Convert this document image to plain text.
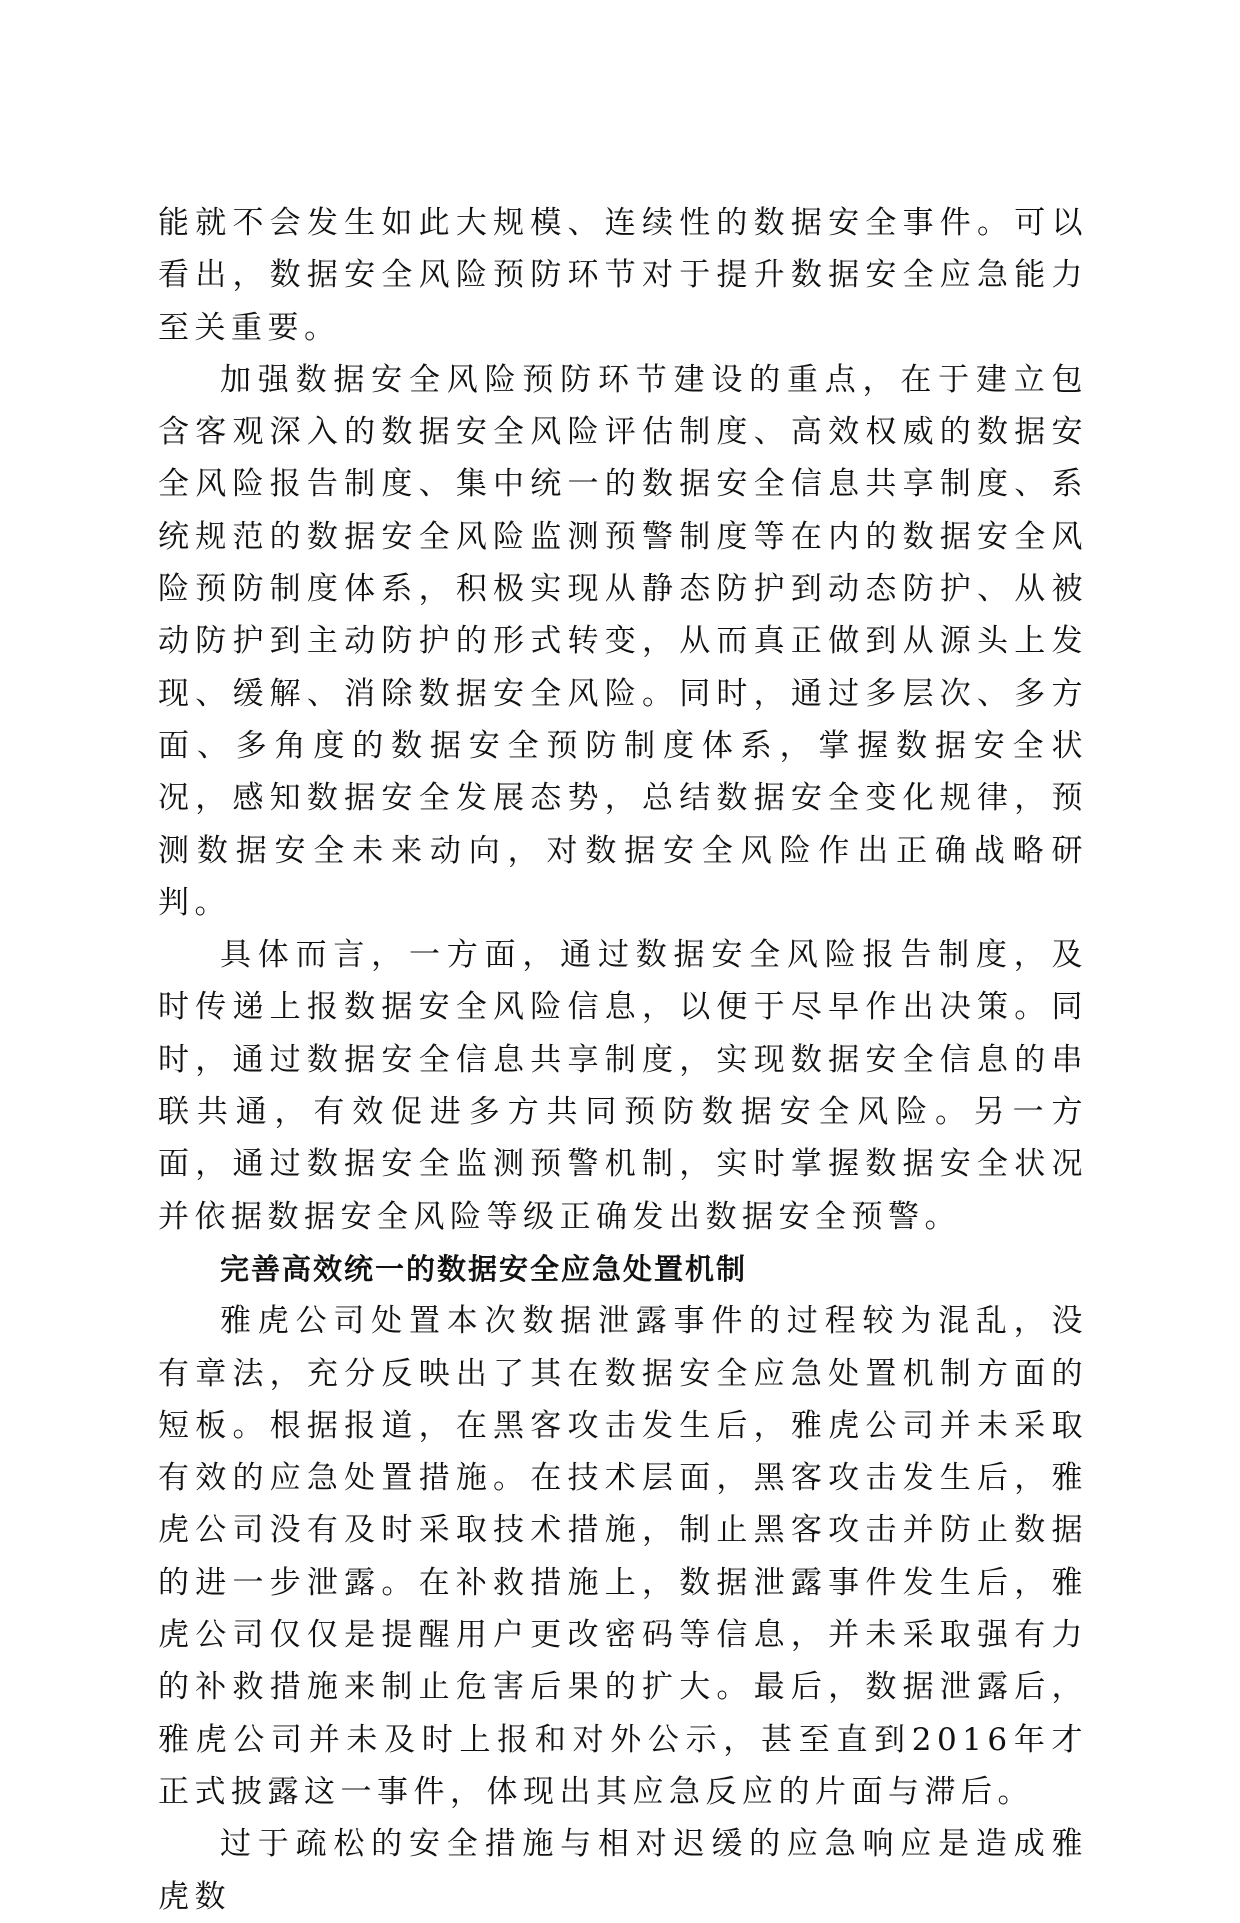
能就不会发生如此大规模、连续性的数据安全事件。可以看出，数据安全风险预防环节对于提升数据安全应急能力至关重要。

加强数据安全风险预防环节建设的重点，在于建立包含客观深入的数据安全风险评估制度、高效权威的数据安全风险报告制度、集中统一的数据安全信息共享制度、系统规范的数据安全风险监测预警制度等在内的数据安全风险预防制度体系，积极实现从静态防护到动态防护、从被动防护到主动防护的形式转变，从而真正做到从源头上发现、缓解、消除数据安全风险。同时，通过多层次、多方面、多角度的数据安全预防制度体系，掌握数据安全状况，感知数据安全发展态势，总结数据安全变化规律，预测数据安全未来动向，对数据安全风险作出正确战略研判。

具体而言，一方面，通过数据安全风险报告制度，及时传递上报数据安全风险信息，以便于尽早作出决策。同时，通过数据安全信息共享制度，实现数据安全信息的串联共通，有效促进多方共同预防数据安全风险。另一方面，通过数据安全监测预警机制，实时掌握数据安全状况并依据数据安全风险等级正确发出数据安全预警。

完善高效统一的数据安全应急处置机制

雅虎公司处置本次数据泄露事件的过程较为混乱，没有章法，充分反映出了其在数据安全应急处置机制方面的短板。根据报道，在黑客攻击发生后，雅虎公司并未采取有效的应急处置措施。在技术层面，黑客攻击发生后，雅虎公司没有及时采取技术措施，制止黑客攻击并防止数据的进一步泄露。在补救措施上，数据泄露事件发生后，雅虎公司仅仅是提醒用户更改密码等信息，并未采取强有力的补救措施来制止危害后果的扩大。最后，数据泄露后，雅虎公司并未及时上报和对外公示，甚至直到2016年才正式披露这一事件，体现出其应急反应的片面与滞后。

过于疏松的安全措施与相对迟缓的应急响应是造成雅虎数
